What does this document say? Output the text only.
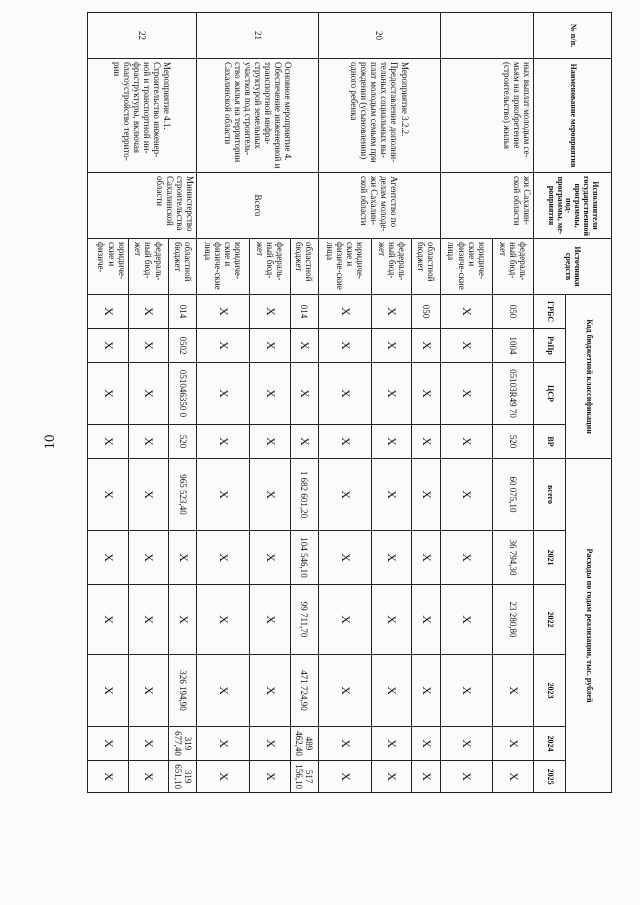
10
№ п/п.	Наименование мероприятия	Исполнители государственной программы, под-программы, ме-роприятия	Источники средств	Код бюджетной классификации				Расходы по годам реализации, тыс. рублей					
				ГРБС	РзПр	ЦСР	ВР	всего	2021	2022	2023	2024	2025
	ных выплат молодым се-мьям на приобретение (строительство) жилья	жи Сахалин-ской области	федераль-ный бюд-жет	050	1004	05103R49 70	520	60 075,10	36 794,30	23 280,80	X	X	X
			юридиче-ские и физиче-ские лица	X	X	X	X	X	X	X	X	X	X
20	Мероприятие 3.2.2. Предоставление дополни-тельных социальных вы-плат молодым семьям при рождении (усыновлении) одного ребенка	Агентство по делам молоде-жи Сахалин-ской области	областной бюджет	050	X	X	X	X	X	X	X	X	X
			федераль-ный бюд-жет	X	X	X	X	X	X	X	X	X	X
			юридиче-ские и физиче-ские лица	X	X	X	X	X	X	X	X	X	X
21	Основное мероприятие 4. Обеспечение инженерной и транспортной инфра-структурой земельных участков под строитель-ство жилья на территории Сахалинской области	Всего	областной бюджет	014	X	X	X	1 682 601,20	104 546,10	99 711,70	471 724,90	489 462,40	517 156,10
			федераль-ный бюд-жет	X	X	X	X	X	X	X	X	X	X
			юридиче-ские и физиче-ские лица	X	X	X	X	X	X	X	X	X	X
22	Мероприятие 4.1. Строительство инженер-ной и транспортной ин-фраструктуры, включая благоустройство террито-рии	Министерство строительства Сахалинской области	областной бюджет	014	0502	051046350 0	520	965 523,40	X	X	326 194,90	319 677,40	319 651,10
			федераль-ный бюд-жет	X	X	X	X	X	X	X	X	X	X
			юридиче-ские и физиче-	X	X	X	X	X	X	X	X	X	X
